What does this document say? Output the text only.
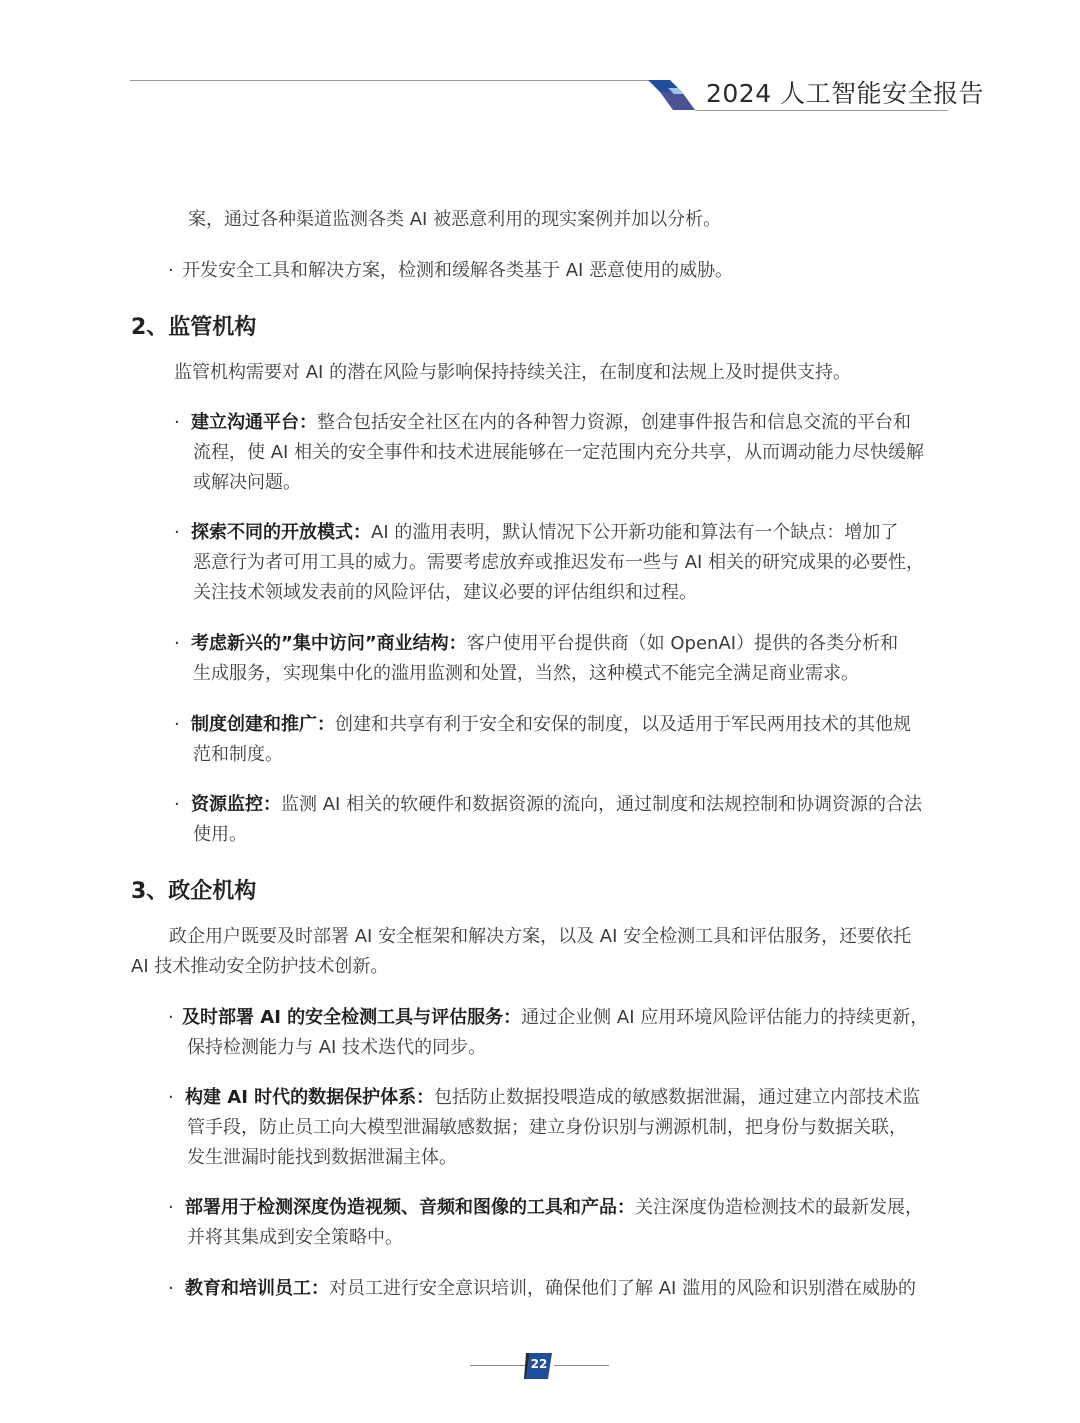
2024 人工智能安全报告
案，通过各种渠道监测各类 AI 被恶意利用的现实案例并加以分析。
· 开发安全工具和解决方案，检测和缓解各类基于 AI 恶意使用的威胁。
2、监管机构
监管机构需要对 AI 的潜在风险与影响保持持续关注，在制度和法规上及时提供支持。
· 建立沟通平台：整合包括安全社区在内的各种智力资源，创建事件报告和信息交流的平台和
流程，使 AI 相关的安全事件和技术进展能够在一定范围内充分共享，从而调动能力尽快缓解
或解决问题。
· 探索不同的开放模式：AI 的滥用表明，默认情况下公开新功能和算法有一个缺点：增加了
恶意行为者可用工具的威力。需要考虑放弃或推迟发布一些与 AI 相关的研究成果的必要性，
关注技术领域发表前的风险评估，建议必要的评估组织和过程。
· 考虑新兴的”集中访问”商业结构：客户使用平台提供商（如 OpenAI）提供的各类分析和
生成服务，实现集中化的滥用监测和处置，当然，这种模式不能完全满足商业需求。
· 制度创建和推广：创建和共享有利于安全和安保的制度，以及适用于军民两用技术的其他规
范和制度。
· 资源监控：监测 AI 相关的软硬件和数据资源的流向，通过制度和法规控制和协调资源的合法
使用。
3、政企机构
政企用户既要及时部署 AI 安全框架和解决方案，以及 AI 安全检测工具和评估服务，还要依托
AI 技术推动安全防护技术创新。
· 及时部署 AI 的安全检测工具与评估服务：通过企业侧 AI 应用环境风险评估能力的持续更新，
保持检测能力与 AI 技术迭代的同步。
· 构建 AI 时代的数据保护体系：包括防止数据投喂造成的敏感数据泄漏，通过建立内部技术监
管手段，防止员工向大模型泄漏敏感数据；建立身份识别与溯源机制，把身份与数据关联，
发生泄漏时能找到数据泄漏主体。
· 部署用于检测深度伪造视频、音频和图像的工具和产品：关注深度伪造检测技术的最新发展，
并将其集成到安全策略中。
· 教育和培训员工：对员工进行安全意识培训，确保他们了解 AI 滥用的风险和识别潜在威胁的
22
